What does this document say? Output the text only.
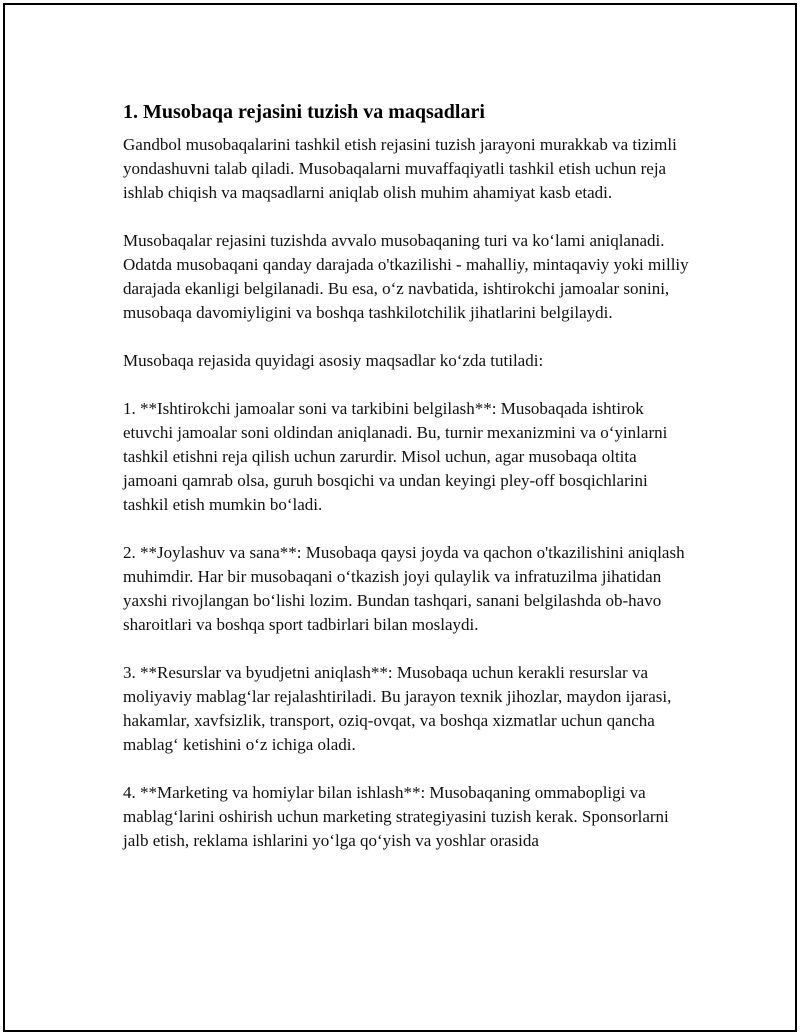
1. Musobaqa rejasini tuzish va maqsadlari

Gandbol musobaqalarini tashkil etish rejasini tuzish jarayoni murakkab va tizimli yondashuvni talab qiladi. Musobaqalarni muvaffaqiyatli tashkil etish uchun reja ishlab chiqish va maqsadlarni aniqlab olish muhim ahamiyat kasb etadi.

Musobaqalar rejasini tuzishda avvalo musobaqaning turi va ko‘lami aniqlanadi. Odatda musobaqani qanday darajada o'tkazilishi - mahalliy, mintaqaviy yoki milliy darajada ekanligi belgilanadi. Bu esa, o‘z navbatida, ishtirokchi jamoalar sonini, musobaqa davomiyligini va boshqa tashkilotchilik jihatlarini belgilaydi.

Musobaqa rejasida quyidagi asosiy maqsadlar ko‘zda tutiladi:

1. **Ishtirokchi jamoalar soni va tarkibini belgilash**: Musobaqada ishtirok etuvchi jamoalar soni oldindan aniqlanadi. Bu, turnir mexanizmini va o‘yinlarni tashkil etishni reja qilish uchun zarurdir. Misol uchun, agar musobaqa oltita jamoani qamrab olsa, guruh bosqichi va undan keyingi pley-off bosqichlarini tashkil etish mumkin bo‘ladi.

2. **Joylashuv va sana**: Musobaqa qaysi joyda va qachon o'tkazilishini aniqlash muhimdir. Har bir musobaqani o‘tkazish joyi qulaylik va infratuzilma jihatidan yaxshi rivojlangan bo‘lishi lozim. Bundan tashqari, sanani belgilashda ob-havo sharoitlari va boshqa sport tadbirlari bilan moslaydi.

3. **Resurslar va byudjetni aniqlash**: Musobaqa uchun kerakli resurslar va moliyaviy mablag‘lar rejalashtiriladi. Bu jarayon texnik jihozlar, maydon ijarasi, hakamlar, xavfsizlik, transport, oziq-ovqat, va boshqa xizmatlar uchun qancha mablag‘ ketishini o‘z ichiga oladi.

4. **Marketing va homiylar bilan ishlash**: Musobaqaning ommabopligi va mablag‘larini oshirish uchun marketing strategiyasini tuzish kerak. Sponsorlarni jalb etish, reklama ishlarini yo‘lga qo‘yish va yoshlar orasida
